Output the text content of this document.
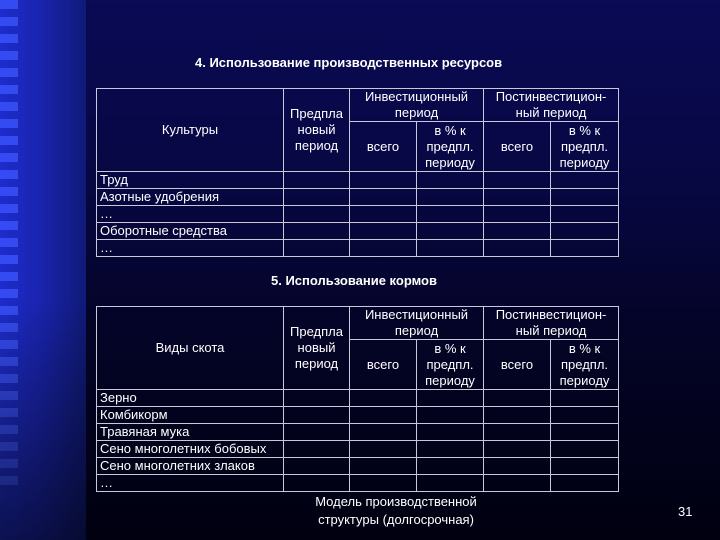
4. Использование производственных ресурсов
Культуры	Предпла новый период	Инвестиционный период		Постинвестицион-ный период	
		всего	в % к предпл. периоду	всего	в % к предпл. периоду
Труд					
Азотные удобрения					
…					
Оборотные средства					
…					
5. Использование кормов
Виды скота	Предпла новый период	Инвестиционный период		Постинвестицион-ный период	
		всего	в % к предпл. периоду	всего	в % к предпл. периоду
Зерно					
Комбикорм					
Травяная мука					
Сено многолетних бобовых					
Сено многолетних злаков					
…					
Модель производственной
структуры (долгосрочная)
31
